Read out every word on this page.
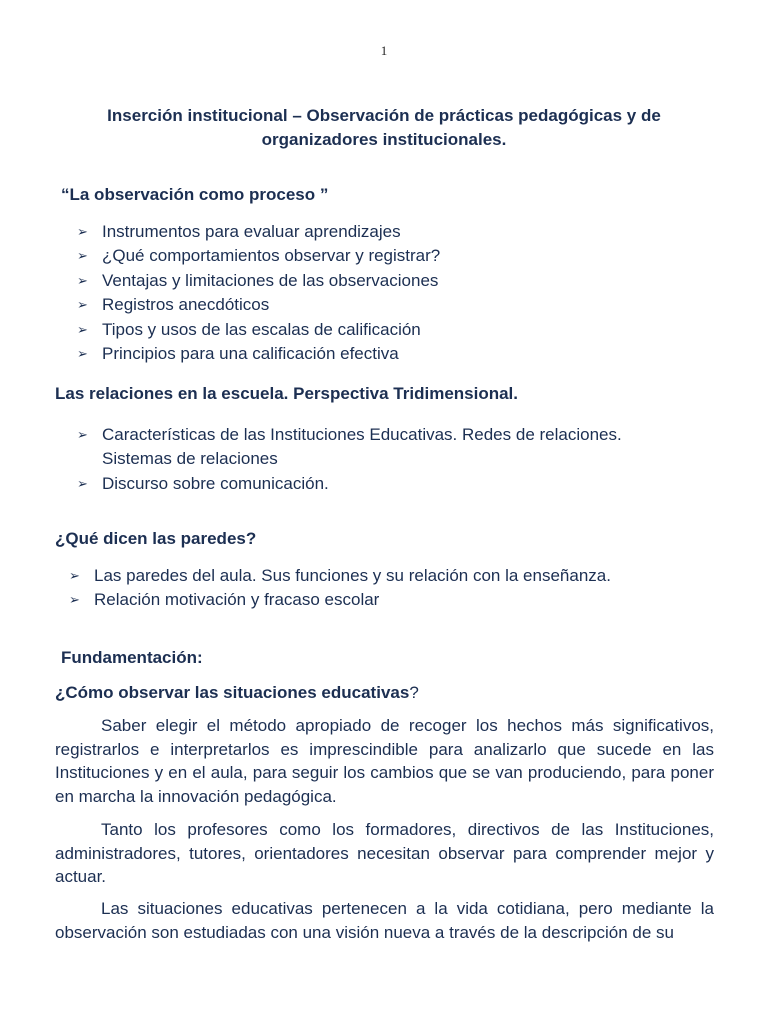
1
Inserción institucional – Observación de prácticas pedagógicas y de organizadores institucionales.
“La observación como proceso ”
➢ Instrumentos para evaluar aprendizajes
➢ ¿Qué comportamientos observar y registrar?
➢ Ventajas y limitaciones de las observaciones
➢ Registros anecdóticos
➢ Tipos y usos de las escalas de calificación
➢ Principios para una calificación efectiva
Las relaciones en la escuela. Perspectiva Tridimensional.
➢ Características de las Instituciones Educativas. Redes de relaciones. Sistemas de relaciones
➢ Discurso sobre comunicación.
¿Qué dicen las paredes?
➢ Las paredes del aula. Sus funciones y su relación con la enseñanza.
➢ Relación motivación y fracaso escolar
Fundamentación:
¿Cómo observar las situaciones educativas?

Saber elegir el método apropiado de recoger los hechos más significativos, registrarlos e interpretarlos es imprescindible para analizarlo que sucede en las Instituciones y en el aula, para seguir los cambios que se van produciendo, para poner en marcha la innovación pedagógica.

Tanto los profesores como los formadores, directivos de las Instituciones, administradores, tutores, orientadores necesitan observar para comprender mejor y actuar.

Las situaciones educativas pertenecen a la vida cotidiana, pero mediante la observación son estudiadas con una visión nueva a través de la descripción de su
